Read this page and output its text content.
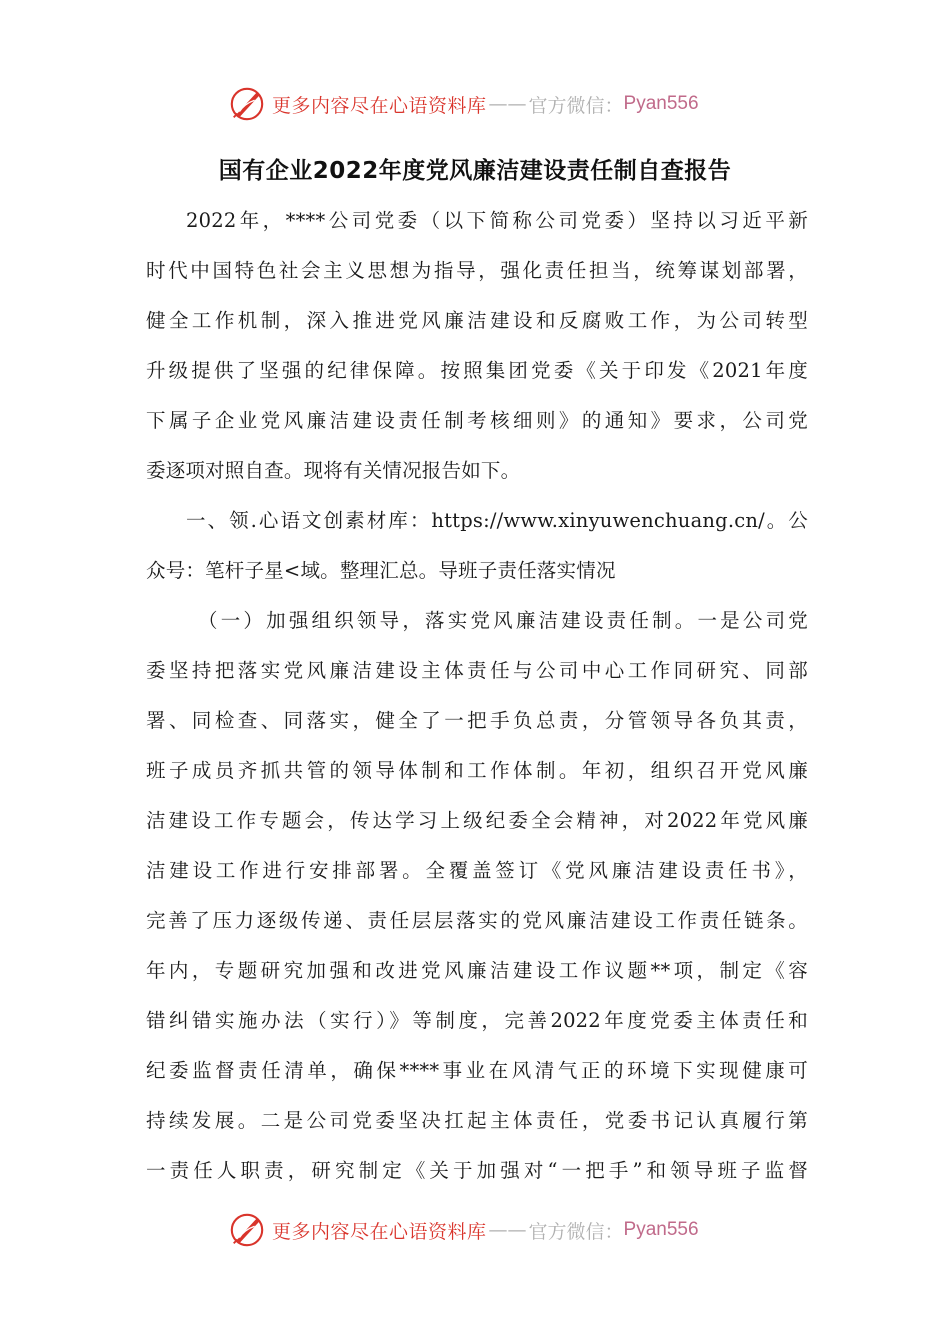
更多内容尽在心语资料库 —— 官方微信： Pyan556
国有企业2022年度党风廉洁建设责任制自查报告
2022年，****公司党委（以下简称公司党委）坚持以习近平新
时代中国特色社会主义思想为指导，强化责任担当，统筹谋划部署，
健全工作机制，深入推进党风廉洁建设和反腐败工作，为公司转型
升级提供了坚强的纪律保障。按照集团党委《关于印发《2021年度
下属子企业党风廉洁建设责任制考核细则》的通知》要求，公司党
委逐项对照自查。现将有关情况报告如下。
一、领.心语文创素材库：https://www.xinyuwenchuang.cn/。公
众号：笔杆子星<域。整理汇总。导班子责任落实情况
（一）加强组织领导，落实党风廉洁建设责任制。一是公司党
委坚持把落实党风廉洁建设主体责任与公司中心工作同研究、同部
署、同检查、同落实，健全了一把手负总责，分管领导各负其责，
班子成员齐抓共管的领导体制和工作体制。年初，组织召开党风廉
洁建设工作专题会，传达学习上级纪委全会精神，对2022年党风廉
洁建设工作进行安排部署。全覆盖签订《党风廉洁建设责任书》，
完善了压力逐级传递、责任层层落实的党风廉洁建设工作责任链条。
年内，专题研究加强和改进党风廉洁建设工作议题**项，制定《容
错纠错实施办法（实行）》等制度，完善2022年度党委主体责任和
纪委监督责任清单，确保****事业在风清气正的环境下实现健康可
持续发展。二是公司党委坚决扛起主体责任，党委书记认真履行第
一责任人职责，研究制定《关于加强对“一把手”和领导班子监督
更多内容尽在心语资料库 —— 官方微信： Pyan556
